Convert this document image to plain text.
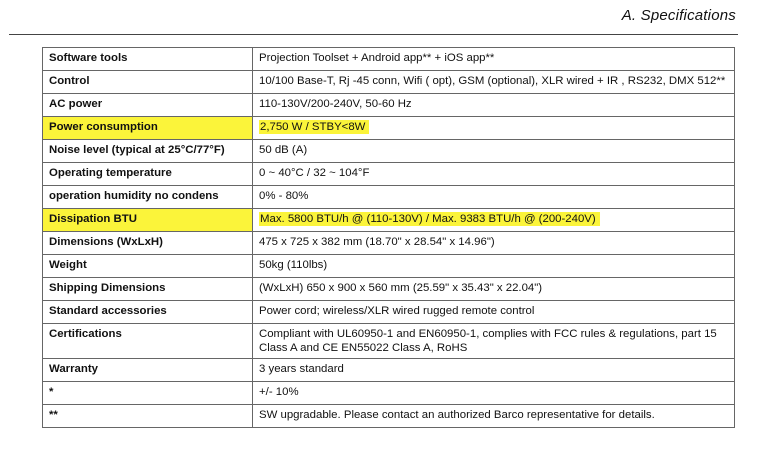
A. Specifications
Software tools	Projection Toolset + Android app** + iOS app**
Control	10/100 Base-T, Rj -45 conn, Wifi ( opt), GSM (optional), XLR wired + IR , RS232, DMX 512**
AC power	110-130V/200-240V, 50-60 Hz
Power consumption	2,750 W / STBY<8W
Noise level (typical at 25°C/77°F)	50 dB (A)
Operating temperature	0 ~ 40°C / 32 ~ 104°F
operation humidity no condens	0% - 80%
Dissipation BTU	Max. 5800 BTU/h @ (110-130V) / Max. 9383 BTU/h @ (200-240V)
Dimensions (WxLxH)	475 x 725 x 382 mm (18.70" x 28.54" x 14.96")
Weight	50kg (110lbs)
Shipping Dimensions	(WxLxH) 650 x 900 x 560 mm (25.59" x 35.43" x 22.04")
Standard accessories	Power cord; wireless/XLR wired rugged remote control
Certifications	Compliant with UL60950-1 and EN60950-1, complies with FCC rules & regulations, part 15 Class A and CE EN55022 Class A, RoHS
Warranty	3 years standard
*	+/- 10%
**	SW upgradable. Please contact an authorized Barco representative for details.
